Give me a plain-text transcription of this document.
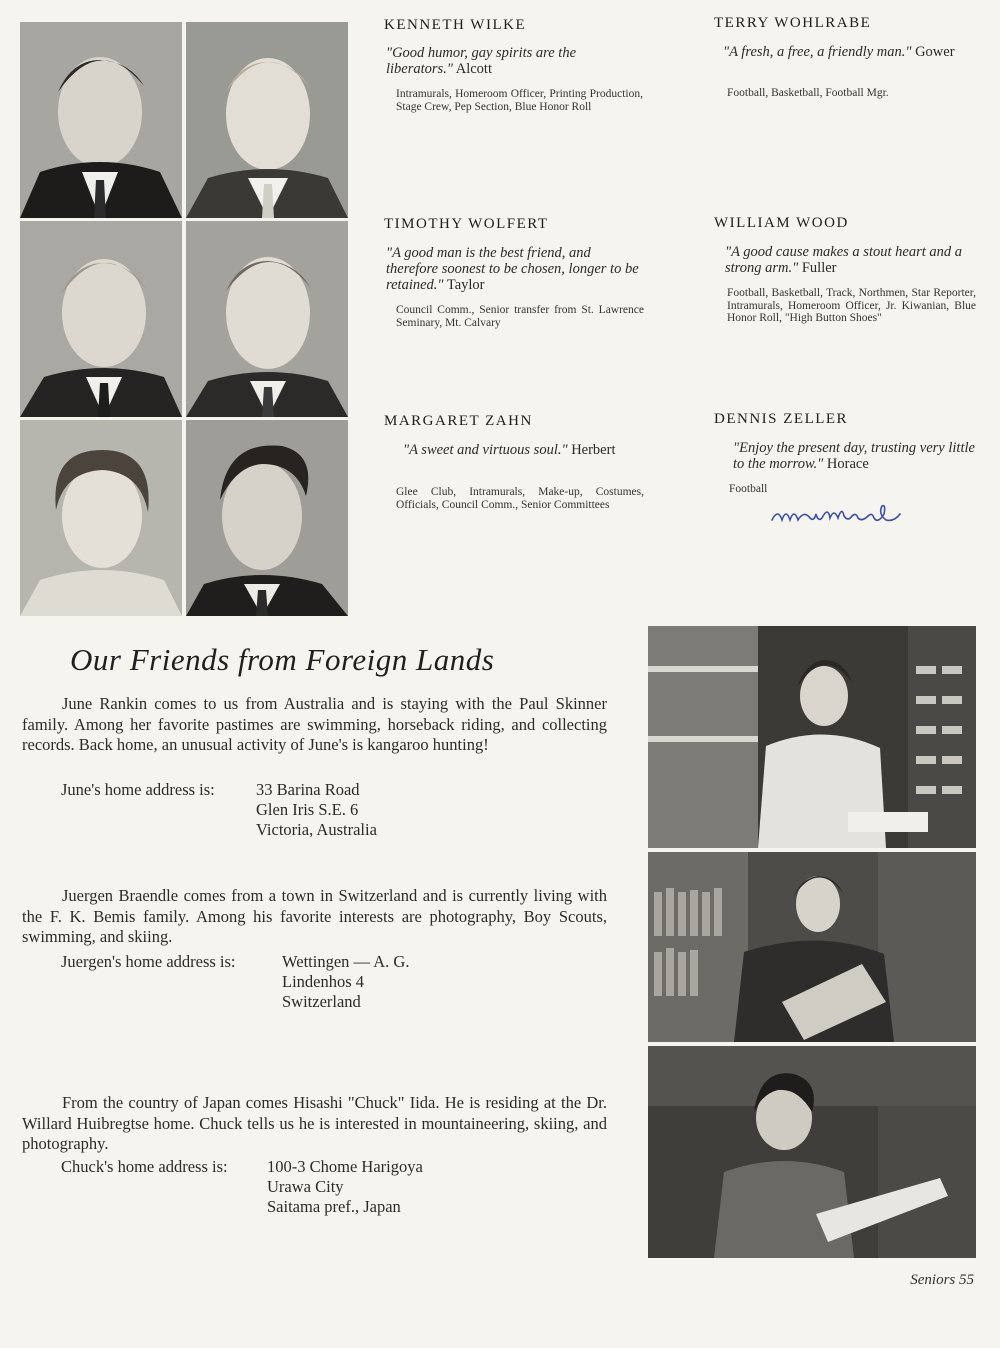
KENNETH WILKE
"Good humor, gay spirits are the liberators." Alcott
Intramurals, Homeroom Officer, Printing Production, Stage Crew, Pep Section, Blue Honor Roll
TERRY WOHLRABE
"A fresh, a free, a friendly man." Gower
Football, Basketball, Football Mgr.
TIMOTHY WOLFERT
"A good man is the best friend, and therefore soonest to be chosen, longer to be retained." Taylor
Council Comm., Senior transfer from St. Lawrence Seminary, Mt. Calvary
WILLIAM WOOD
"A good cause makes a stout heart and a strong arm." Fuller
Football, Basketball, Track, Northmen, Star Reporter, Intramurals, Homeroom Officer, Jr. Kiwanian, Blue Honor Roll, "High Button Shoes"
MARGARET ZAHN
"A sweet and virtuous soul." Herbert
Glee Club, Intramurals, Make-up, Costumes, Officials, Council Comm., Senior Committees
DENNIS ZELLER
"Enjoy the present day, trusting very little to the morrow." Horace
Football
Our Friends from Foreign Lands
June Rankin comes to us from Australia and is staying with the Paul Skinner family. Among her favorite pastimes are swimming, horseback riding, and collecting records. Back home, an unusual activity of June's is kangaroo hunting!
June's home address is:	33 Barina Road
Glen Iris S.E. 6
Victoria, Australia
Juergen Braendle comes from a town in Switzerland and is currently living with the F. K. Bemis family. Among his favorite interests are photography, Boy Scouts, swimming, and skiing.
Juergen's home address is:	Wettingen — A. G.
Lindenhos 4
Switzerland
From the country of Japan comes Hisashi "Chuck" Iida. He is residing at the Dr. Willard Huibregtse home. Chuck tells us he is interested in mountaineering, skiing, and photography.
Chuck's home address is: 100-3 Chome Harigoya
Urawa City
Saitama pref., Japan
Seniors 55
